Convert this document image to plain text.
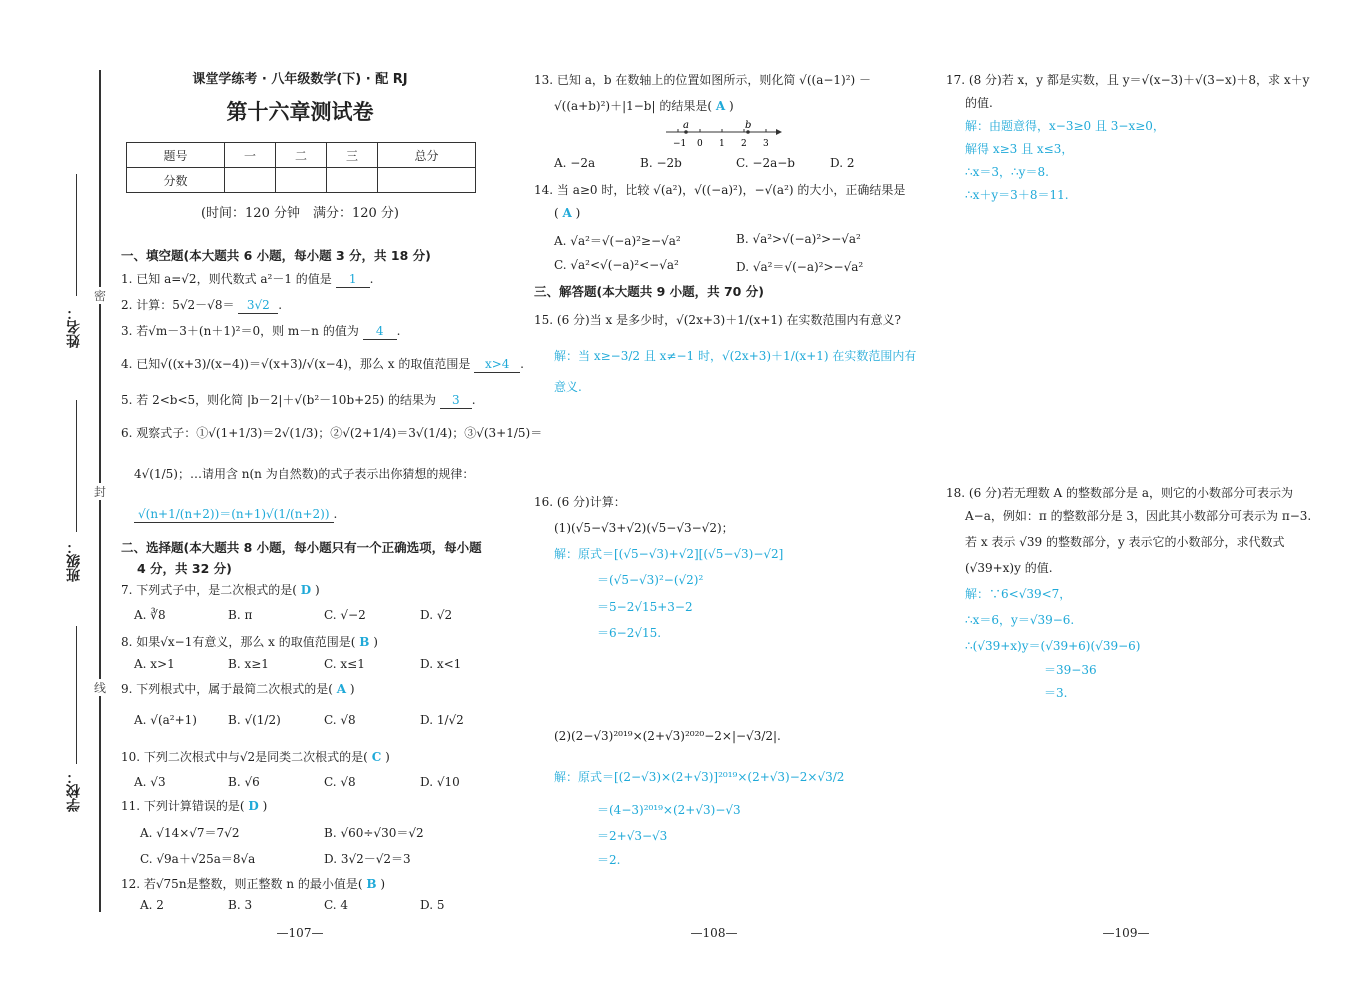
姓名：
班级：
学校：
密
封
线
课堂学练考 · 八年级数学(下) · 配 RJ
第十六章测试卷
题号	一	二	三	总分
分数				
(时间：120 分钟　满分：120 分)
一、填空题(本大题共 6 小题，每小题 3 分，共 18 分)
1. 已知 a=√2，则代数式 a²－1 的值是 1 .
2. 计算：5√2－√8＝ 3√2 .
3. 若√m－3＋(n＋1)²＝0，则 m－n 的值为 4 .
4. 已知√((x+3)/(x−4))＝√(x+3)/√(x−4)，那么 x 的取值范围是 x>4 .
5. 若 2<b<5，则化简 |b－2|＋√(b²－10b+25) 的结果为 3 .
6. 观察式子：①√(1+1/3)＝2√(1/3)；②√(2+1/4)＝3√(1/4)；③√(3+1/5)＝
4√(1/5)；…请用含 n(n 为自然数)的式子表示出你猜想的规律：
√(n+1/(n+2))＝(n+1)√(1/(n+2)) .
二、选择题(本大题共 8 小题，每小题只有一个正确选项，每小题
4 分，共 32 分)
7. 下列式子中，是二次根式的是( D )
A. ∛8	B. π	C. √−2	D. √2
8. 如果√x−1有意义，那么 x 的取值范围是( B )
A. x>1	B. x≥1	C. x≤1	D. x<1
9. 下列根式中，属于最简二次根式的是( A )
A. √(a²+1)	B. √(1/2)	C. √8	D. 1/√2
10. 下列二次根式中与√2是同类二次根式的是( C )
A. √3	B. √6	C. √8	D. √10
11. 下列计算错误的是( D )
A. √14×√7＝7√2	B. √60÷√30＝√2
C. √9a＋√25a＝8√a	D. 3√2－√2＝3
12. 若√75n是整数，则正整数 n 的最小值是( B )
A. 2	B. 3	C. 4	D. 5
13. 已知 a，b 在数轴上的位置如图所示，则化简 √((a−1)²) －
√((a+b)²)＋|1−b| 的结果是( A )
−1 0 1 2 3
a	b
A. −2a	B. −2b	C. −2a−b	D. 2
14. 当 a≥0 时，比较 √(a²)，√((−a)²)，−√(a²) 的大小，正确结果是
( A )
A. √a²＝√(−a)²≥−√a²	B. √a²>√(−a)²>−√a²
C. √a²<√(−a)²<−√a²	D. √a²＝√(−a)²>−√a²
三、解答题(本大题共 9 小题，共 70 分)
15. (6 分)当 x 是多少时，√(2x+3)＋1/(x+1) 在实数范围内有意义?
解：当 x≥−3/2 且 x≠−1 时，√(2x+3)＋1/(x+1) 在实数范围内有
意义.
16. (6 分)计算：
(1)(√5−√3+√2)(√5−√3−√2)；
解：原式＝[(√5−√3)+√2][(√5−√3)−√2]
＝(√5−√3)²−(√2)²
＝5−2√15+3−2
＝6−2√15.
(2)(2−√3)²⁰¹⁹×(2+√3)²⁰²⁰−2×|−√3/2|.
解：原式＝[(2−√3)×(2+√3)]²⁰¹⁹×(2+√3)−2×√3/2
＝(4−3)²⁰¹⁹×(2+√3)−√3
＝2+√3−√3
＝2.
17. (8 分)若 x，y 都是实数，且 y＝√(x−3)＋√(3−x)＋8，求 x＋y
的值.
解：由题意得，x−3≥0 且 3−x≥0，
解得 x≥3 且 x≤3，
∴x＝3，∴y＝8.
∴x＋y＝3＋8＝11.
18. (6 分)若无理数 A 的整数部分是 a，则它的小数部分可表示为
A−a，例如：π 的整数部分是 3，因此其小数部分可表示为 π−3.
若 x 表示 √39 的整数部分，y 表示它的小数部分，求代数式
(√39+x)y 的值.
解：∵6<√39<7，
∴x＝6，y＝√39−6.
∴(√39+x)y＝(√39+6)(√39−6)
＝39−36
＝3.
—107—	—108—	—109—
